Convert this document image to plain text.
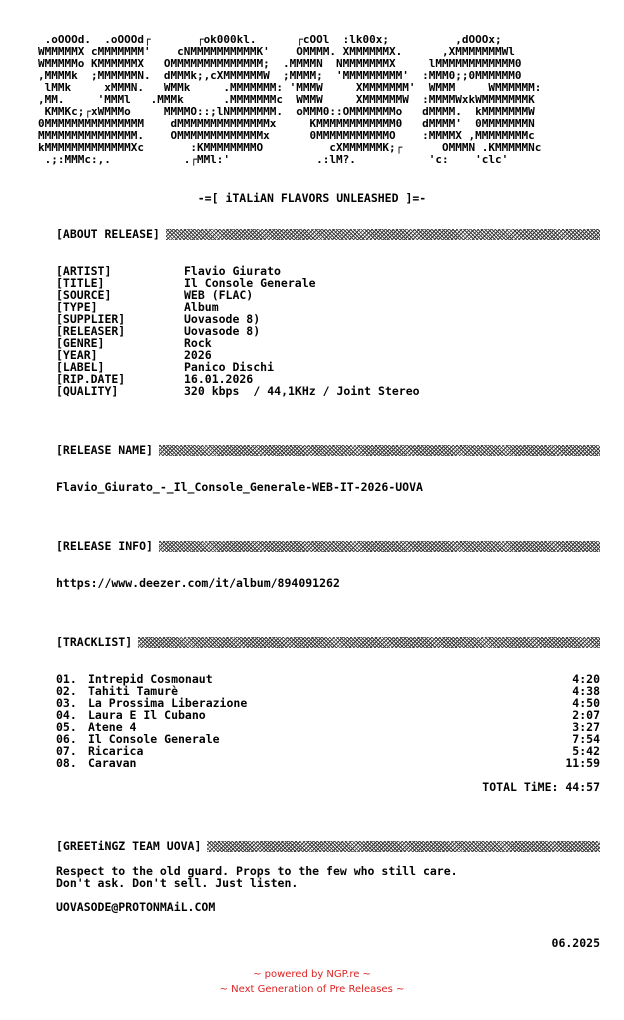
.oOOOd.  .oOOOd┌       ┌ok000kl.      ┌cOOl  :lk00x;          ,dOOOx;
WMMMMMX cMMMMMMM'    cNMMMMMMMMMMK'    OMMMM. XMMMMMMX.      ,XMMMMMMMWl
WMMMMMo KMMMMMMX   OMMMMMMMMMMMMMM;  .MMMMN  NMMMMMMMX     lMMMMMMMMMMMM0
,MMMMk  ;MMMMMMN.  dMMMk;,cXMMMMMMW  ;MMMM;  'MMMMMMMMM'  :MMM0;;0MMMMMM0
lMMk     xMMMN.   WMMk     .MMMMMMM: 'MMMW     XMMMMMMM'  WMMM     WMMMMMM:
,MM.     'MMMl   .MMMk      .MMMMMMMc  WMMW     XMMMMMMW  :MMMMWxkWMMMMMMMK
KMMKc;┌xWMMMo     MMMMO::;lNMMMMMMM.  oMMM0::OMMMMMMMo   dMMMM.  kMMMMMMMW
0MMMMMMMMMMMMMMM    dMMMMMMMMMMMMMMx     KMMMMMMMMMMMM0   dMMMM'  0MMMMMMMN
MMMMMMMMMMMMMMM.    OMMMMMMMMMMMMMx      0MMMMMMMMMMMO    :MMMMX ,MMMMMMMMc
kMMMMMMMMMMMMMXc       :KMMMMMMMMO          cXMMMMMMK;┌      OMMMN .KMMMMMNc
.;:MMMc:,.           .┌MMl:'             .:lM?.           'c:    'clc'
-=[ iTALiAN FLAVORS UNLEASHED ]=-
[ABOUT RELEASE]
[ARTIST]	Flavio Giurato
[TITLE]	Il Console Generale
[SOURCE]	WEB (FLAC)
[TYPE]	Album
[SUPPLIER]	Uovasode 8)
[RELEASER]	Uovasode 8)
[GENRE]	Rock
[YEAR]	2026
[LABEL]	Panico Dischi
[RIP.DATE]	16.01.2026
[QUALITY]	320 kbps / 44,1KHz / Joint Stereo
[RELEASE NAME]
Flavio_Giurato_-_Il_Console_Generale-WEB-IT-2026-UOVA
[RELEASE INFO]
https://www.deezer.com/it/album/894091262
[TRACKLIST]
01. Intrepid Cosmonaut	4:20
02. Tahiti Tamurè	4:38
03. La Prossima Liberazione	4:50
04. Laura E Il Cubano	2:07
05. Atene 4	3:27
06. Il Console Generale	7:54
07. Ricarica	5:42
08. Caravan	11:59
TOTAL TiME: 44:57
[GREETiNGZ TEAM UOVA]
Respect to the old guard. Props to the few who still care.
Don't ask. Don't sell. Just listen.
UOVASODE@PROTONMAiL.COM
06.2025
~ powered by NGP.re ~
~ Next Generation of Pre Releases ~
